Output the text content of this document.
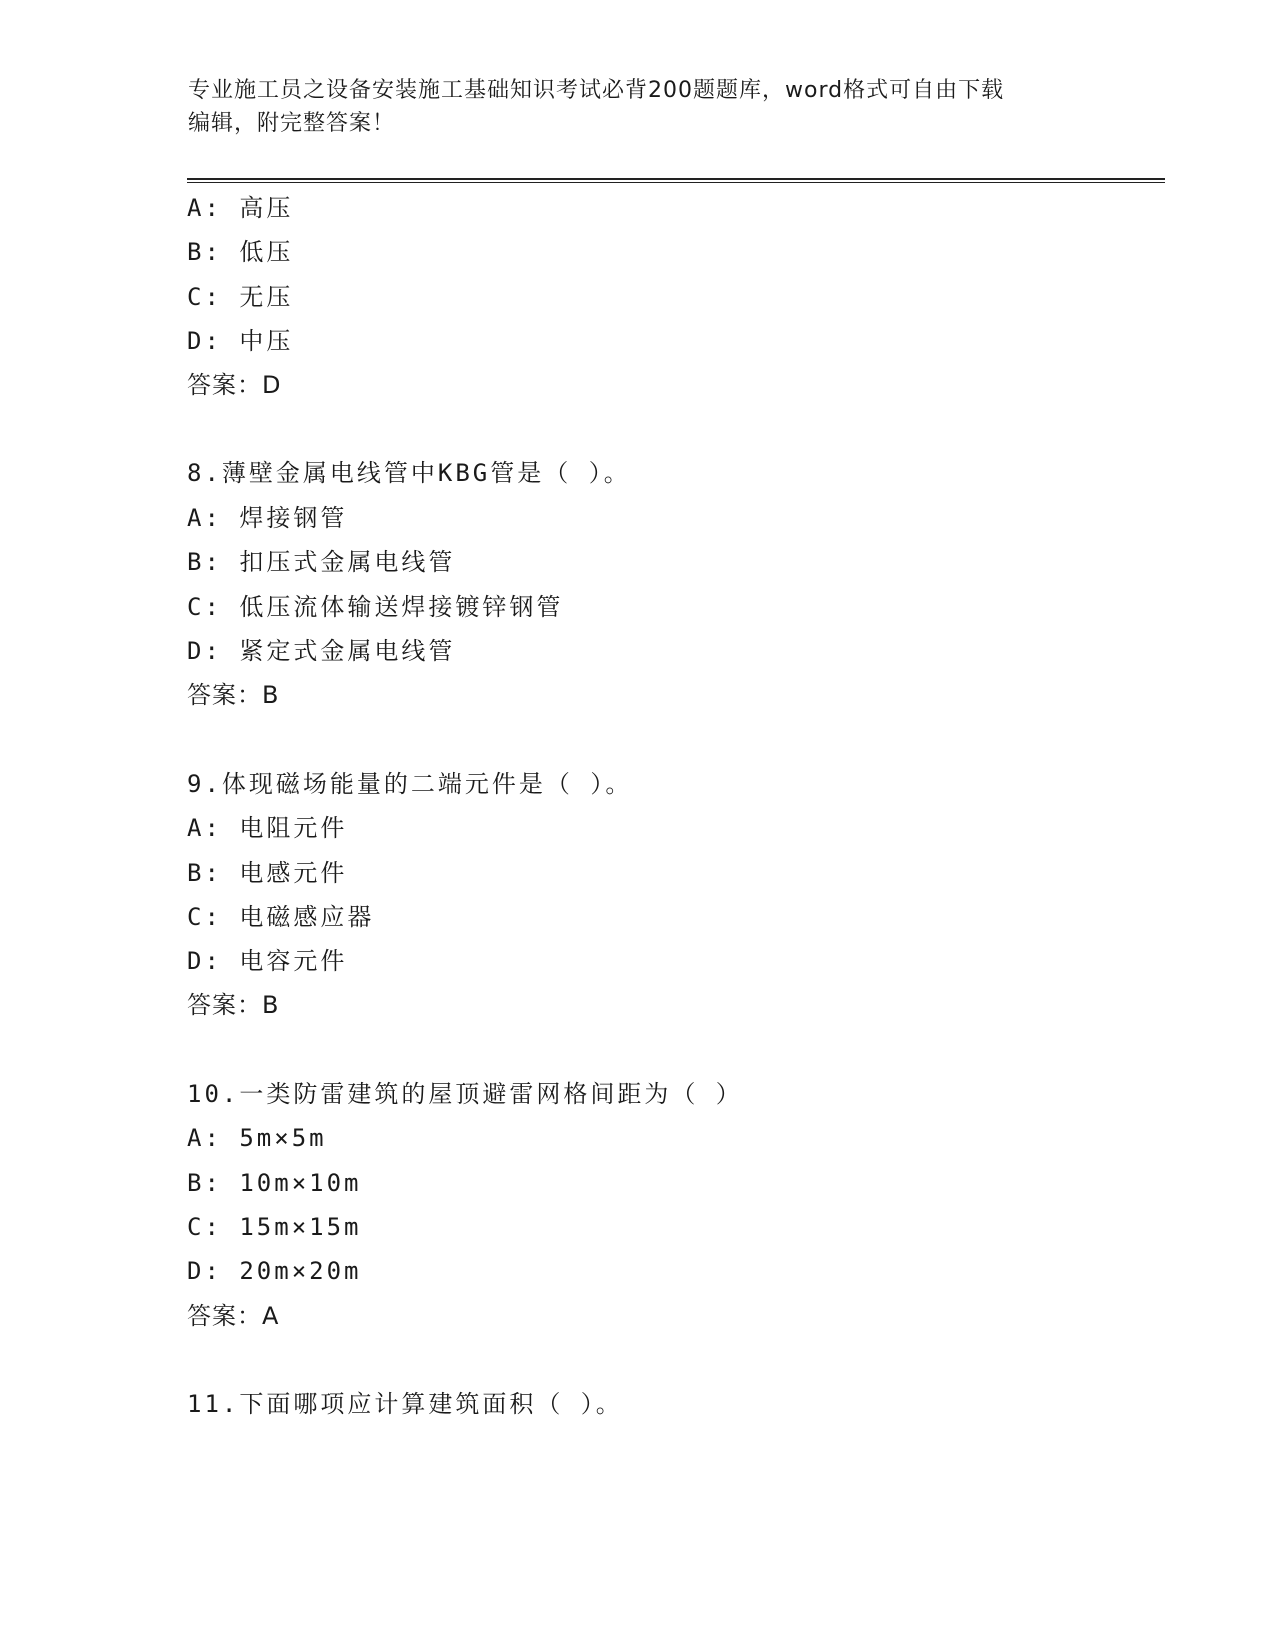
专业施工员之设备安装施工基础知识考试必背200题题库，word格式可自由下载
编辑，附完整答案！
A: 高压
B: 低压
C: 无压
D: 中压
答案：D
8.薄壁金属电线管中KBG管是（ ）。
A: 焊接钢管
B: 扣压式金属电线管
C: 低压流体输送焊接镀锌钢管
D: 紧定式金属电线管
答案：B
9.体现磁场能量的二端元件是（ ）。
A: 电阻元件
B: 电感元件
C: 电磁感应器
D: 电容元件
答案：B
10.一类防雷建筑的屋顶避雷网格间距为（ ）
A: 5m×5m
B: 10m×10m
C: 15m×15m
D: 20m×20m
答案：A
11.下面哪项应计算建筑面积（ ）。
